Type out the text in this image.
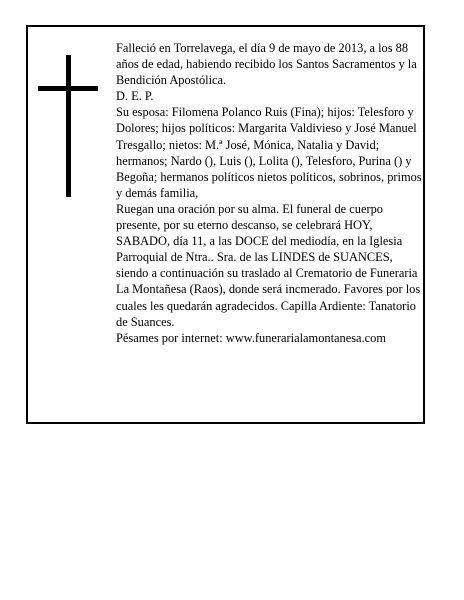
Falleció en Torrelavega, el día 9 de mayo de 2013, a los 88 años de edad, habiendo recibido los Santos Sacramentos y la Bendición Apostólica.

D. E. P.

Su esposa: Filomena Polanco Ruis (Fina); hijos: Telesforo y Dolores; hijos políticos: Margarita Valdivieso y José Manuel Tresgallo; nietos: M.ª José, Mónica, Natalia y David; hermanos; Nardo (), Luis (), Lolita (), Telesforo, Purina () y Begoña; hermanos políticos nietos políticos, sobrinos, primos y demás familia,

Ruegan una oración por su alma. El funeral de cuerpo presente, por su eterno descanso, se celebrará HOY, SABADO, día 11, a las DOCE del mediodía, en la Iglesia Parroquial de Ntra.. Sra. de las LINDES de SUANCES, siendo a continuación su traslado al Crematorio de Funeraria La Montañesa (Raos), donde será incmerado. Favores por los cuales les quedarán agradecidos. Capilla Ardiente: Tanatorio de Suances.

Pésames por internet: www.funerarialamontanesa.com
